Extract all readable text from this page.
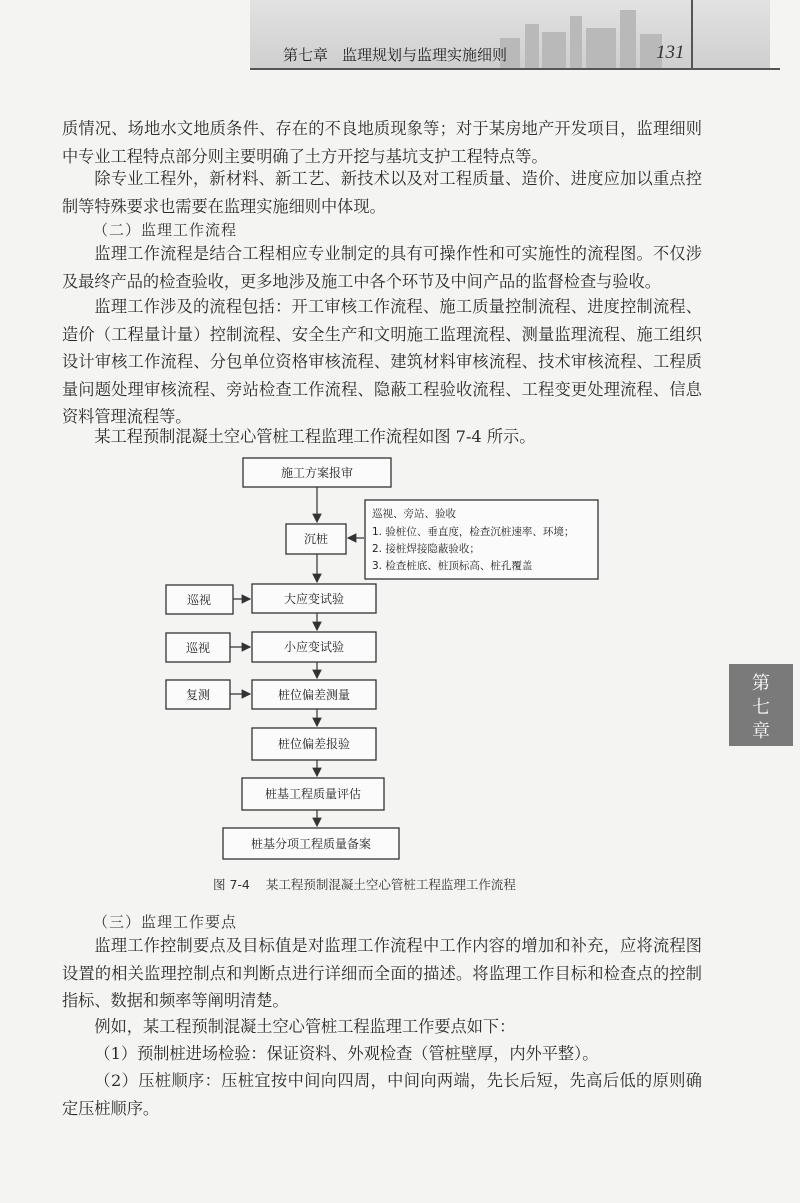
第七章 监理规划与监理实施细则	131
质情况、场地水文地质条件、存在的不良地质现象等；对于某房地产开发项目，监理细则中专业工程特点部分则主要明确了土方开挖与基坑支护工程特点等。
除专业工程外，新材料、新工艺、新技术以及对工程质量、造价、进度应加以重点控制等特殊要求也需要在监理实施细则中体现。
（二）监理工作流程
监理工作流程是结合工程相应专业制定的具有可操作性和可实施性的流程图。不仅涉及最终产品的检查验收，更多地涉及施工中各个环节及中间产品的监督检查与验收。
监理工作涉及的流程包括：开工审核工作流程、施工质量控制流程、进度控制流程、造价（工程量计量）控制流程、安全生产和文明施工监理流程、测量监理流程、施工组织设计审核工作流程、分包单位资格审核流程、建筑材料审核流程、技术审核流程、工程质量问题处理审核流程、旁站检查工作流程、隐蔽工程验收流程、工程变更处理流程、信息资料管理流程等。
某工程预制混凝土空心管桩工程监理工作流程如图 7-4 所示。
施工方案报审
沉桩
大应变试验
小应变试验
桩位偏差测量
桩位偏差报验
桩基工程质量评估
桩基分项工程质量备案
巡视
巡视
复测
巡视、旁站、验收
1. 验桩位、垂直度，检查沉桩速率、环境；
2. 接桩焊接隐蔽验收；
3. 检查桩底、桩顶标高、桩孔覆盖
图 7-4 某工程预制混凝土空心管桩工程监理工作流程
（三）监理工作要点
监理工作控制要点及目标值是对监理工作流程中工作内容的增加和补充，应将流程图设置的相关监理控制点和判断点进行详细而全面的描述。将监理工作目标和检查点的控制指标、数据和频率等阐明清楚。
例如，某工程预制混凝土空心管桩工程监理工作要点如下：
（1）预制桩进场检验：保证资料、外观检查（管桩壁厚，内外平整）。
（2）压桩顺序：压桩宜按中间向四周，中间向两端，先长后短，先高后低的原则确定压桩顺序。
第
七
章
